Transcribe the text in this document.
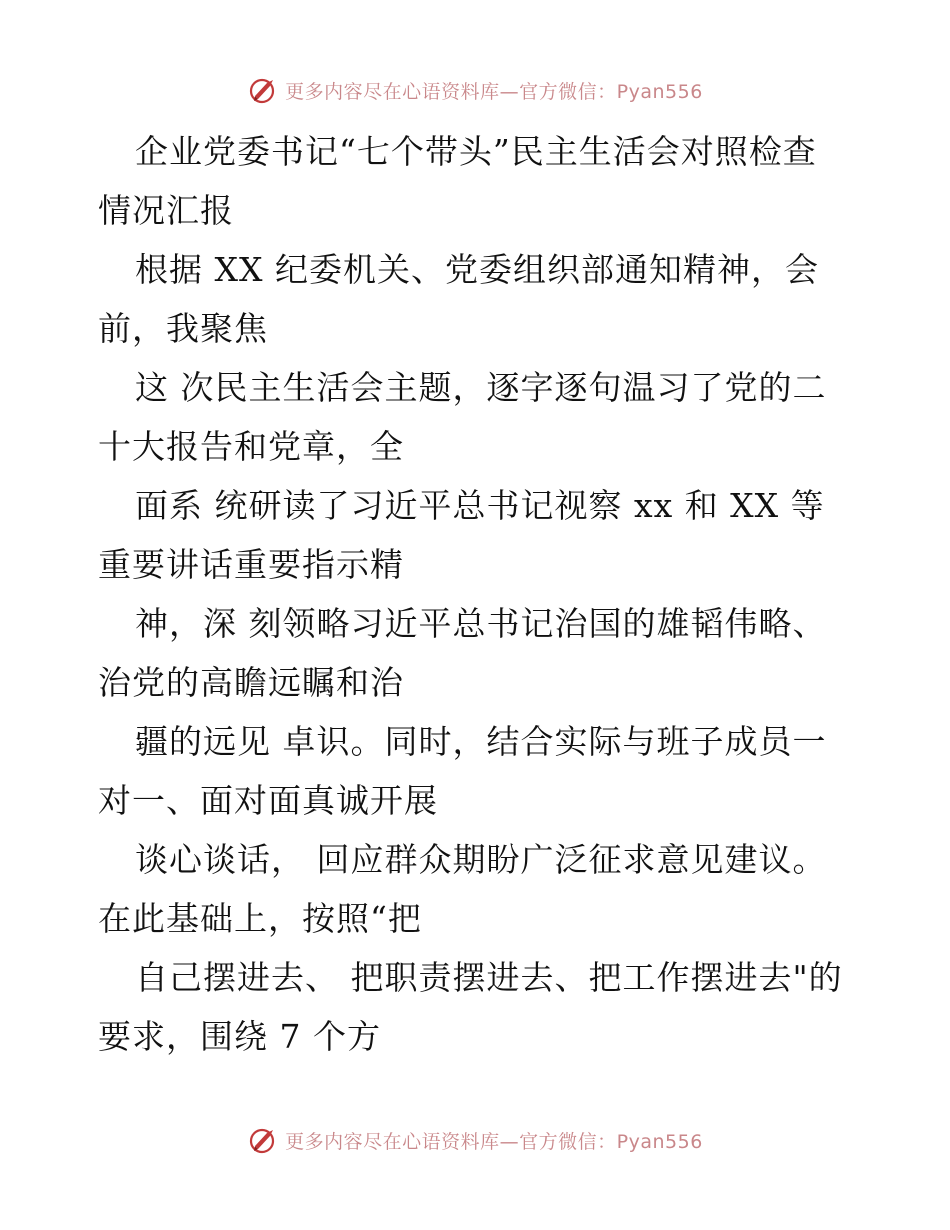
更多内容尽在心语资料库—官方微信：Pyan556
企业党委书记“七个带头”民主生活会对照检查
情况汇报
根据 XX 纪委机关、党委组织部通知精神，会
前，我聚焦
这 次民主生活会主题，逐字逐句温习了党的二
十大报告和党章，全
面系 统研读了习近平总书记视察 xx 和 XX 等
重要讲话重要指示精
神，深 刻领略习近平总书记治国的雄韬伟略、
治党的高瞻远瞩和治
疆的远见 卓识。同时，结合实际与班子成员一
对一、面对面真诚开展
谈心谈话， 回应群众期盼广泛征求意见建议。
在此基础上，按照“把
自己摆进去、 把职责摆进去、把工作摆进去"的
要求，围绕 7 个方
更多内容尽在心语资料库—官方微信：Pyan556
